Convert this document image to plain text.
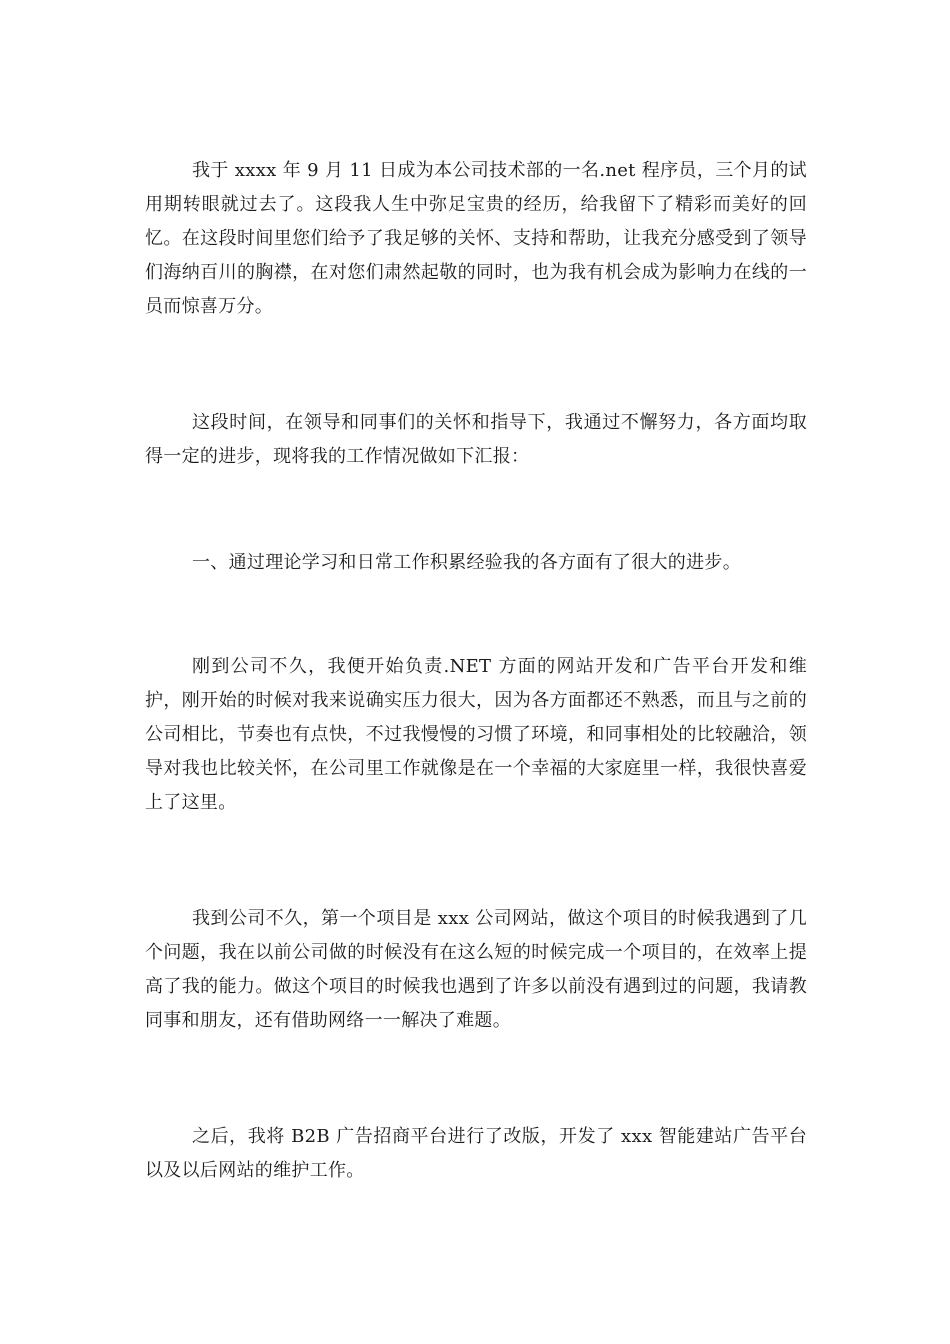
我于 xxxx 年 9 月 11 日成为本公司技术部的一名.net 程序员，三个月的试用期转眼就过去了。这段我人生中弥足宝贵的经历，给我留下了精彩而美好的回忆。在这段时间里您们给予了我足够的关怀、支持和帮助，让我充分感受到了领导们海纳百川的胸襟，在对您们肃然起敬的同时，也为我有机会成为影响力在线的一员而惊喜万分。

这段时间，在领导和同事们的关怀和指导下，我通过不懈努力，各方面均取得一定的进步，现将我的工作情况做如下汇报：

一、通过理论学习和日常工作积累经验我的各方面有了很大的进步。

刚到公司不久，我便开始负责.NET 方面的网站开发和广告平台开发和维护，刚开始的时候对我来说确实压力很大，因为各方面都还不熟悉，而且与之前的公司相比，节奏也有点快，不过我慢慢的习惯了环境，和同事相处的比较融洽，领导对我也比较关怀，在公司里工作就像是在一个幸福的大家庭里一样，我很快喜爱上了这里。

我到公司不久，第一个项目是 xxx 公司网站，做这个项目的时候我遇到了几个问题，我在以前公司做的时候没有在这么短的时候完成一个项目的，在效率上提高了我的能力。做这个项目的时候我也遇到了许多以前没有遇到过的问题，我请教同事和朋友，还有借助网络一一解决了难题。

之后，我将 B2B 广告招商平台进行了改版，开发了 xxx 智能建站广告平台以及以后网站的维护工作。
